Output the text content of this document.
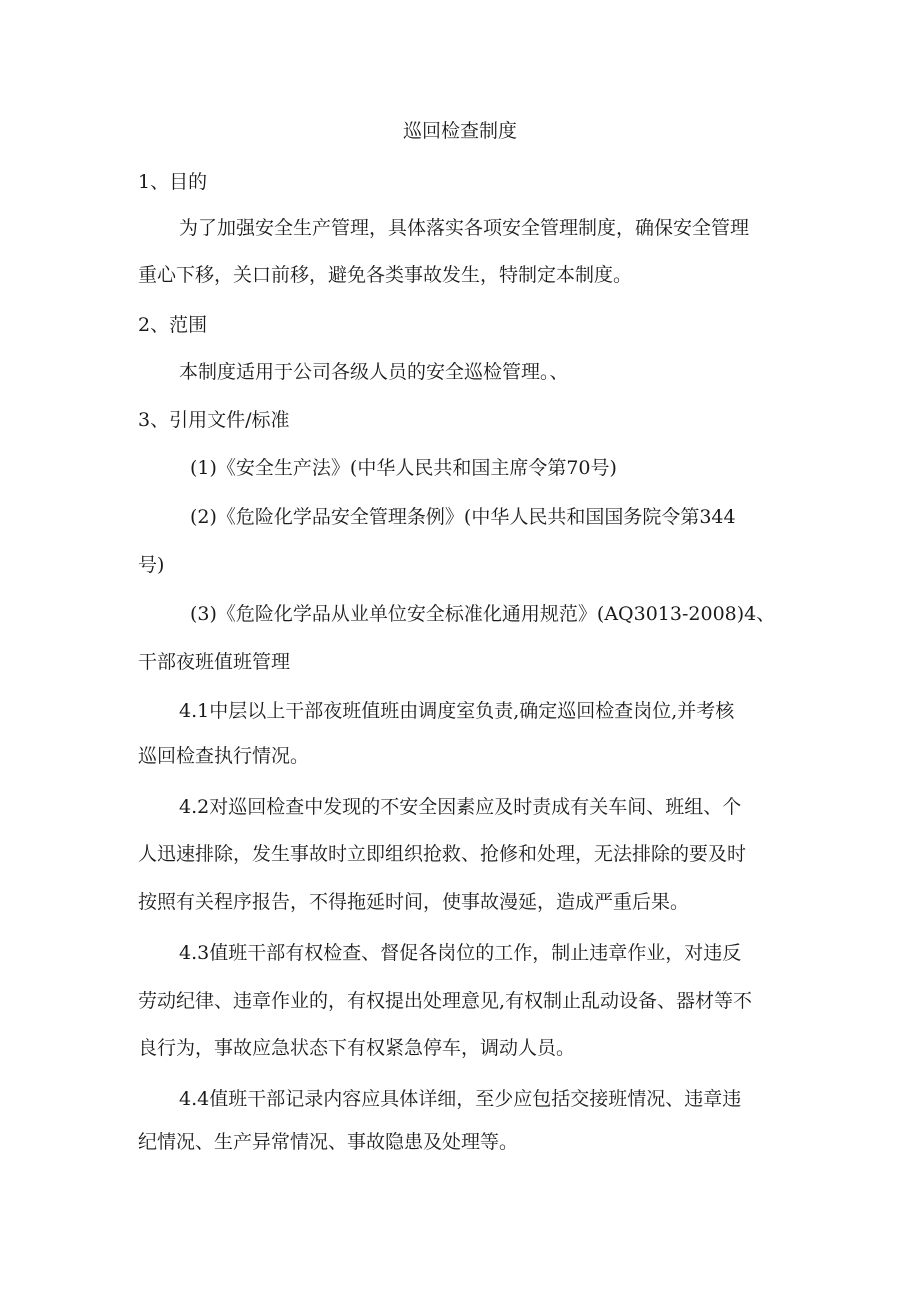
巡回检查制度
1、目的
为了加强安全生产管理，具体落实各项安全管理制度，确保安全管理
重心下移，关口前移，避免各类事故发生，特制定本制度。
2、范围
本制度适用于公司各级人员的安全巡检管理。、
3、引用文件/标准
(1)《安全生产法》(中华人民共和国主席令第70号)
(2)《危险化学品安全管理条例》(中华人民共和国国务院令第344
号)
(3)《危险化学品从业单位安全标准化通用规范》(AQ3013-2008)4、
干部夜班值班管理
4.1中层以上干部夜班值班由调度室负责,确定巡回检查岗位,并考核
巡回检查执行情况。
4.2对巡回检查中发现的不安全因素应及时责成有关车间、班组、个
人迅速排除，发生事故时立即组织抢救、抢修和处理，无法排除的要及时
按照有关程序报告，不得拖延时间，使事故漫延，造成严重后果。
4.3值班干部有权检查、督促各岗位的工作，制止违章作业，对违反
劳动纪律、违章作业的，有权提出处理意见,有权制止乱动设备、器材等不
良行为，事故应急状态下有权紧急停车，调动人员。
4.4值班干部记录内容应具体详细，至少应包括交接班情况、违章违
纪情况、生产异常情况、事故隐患及处理等。
